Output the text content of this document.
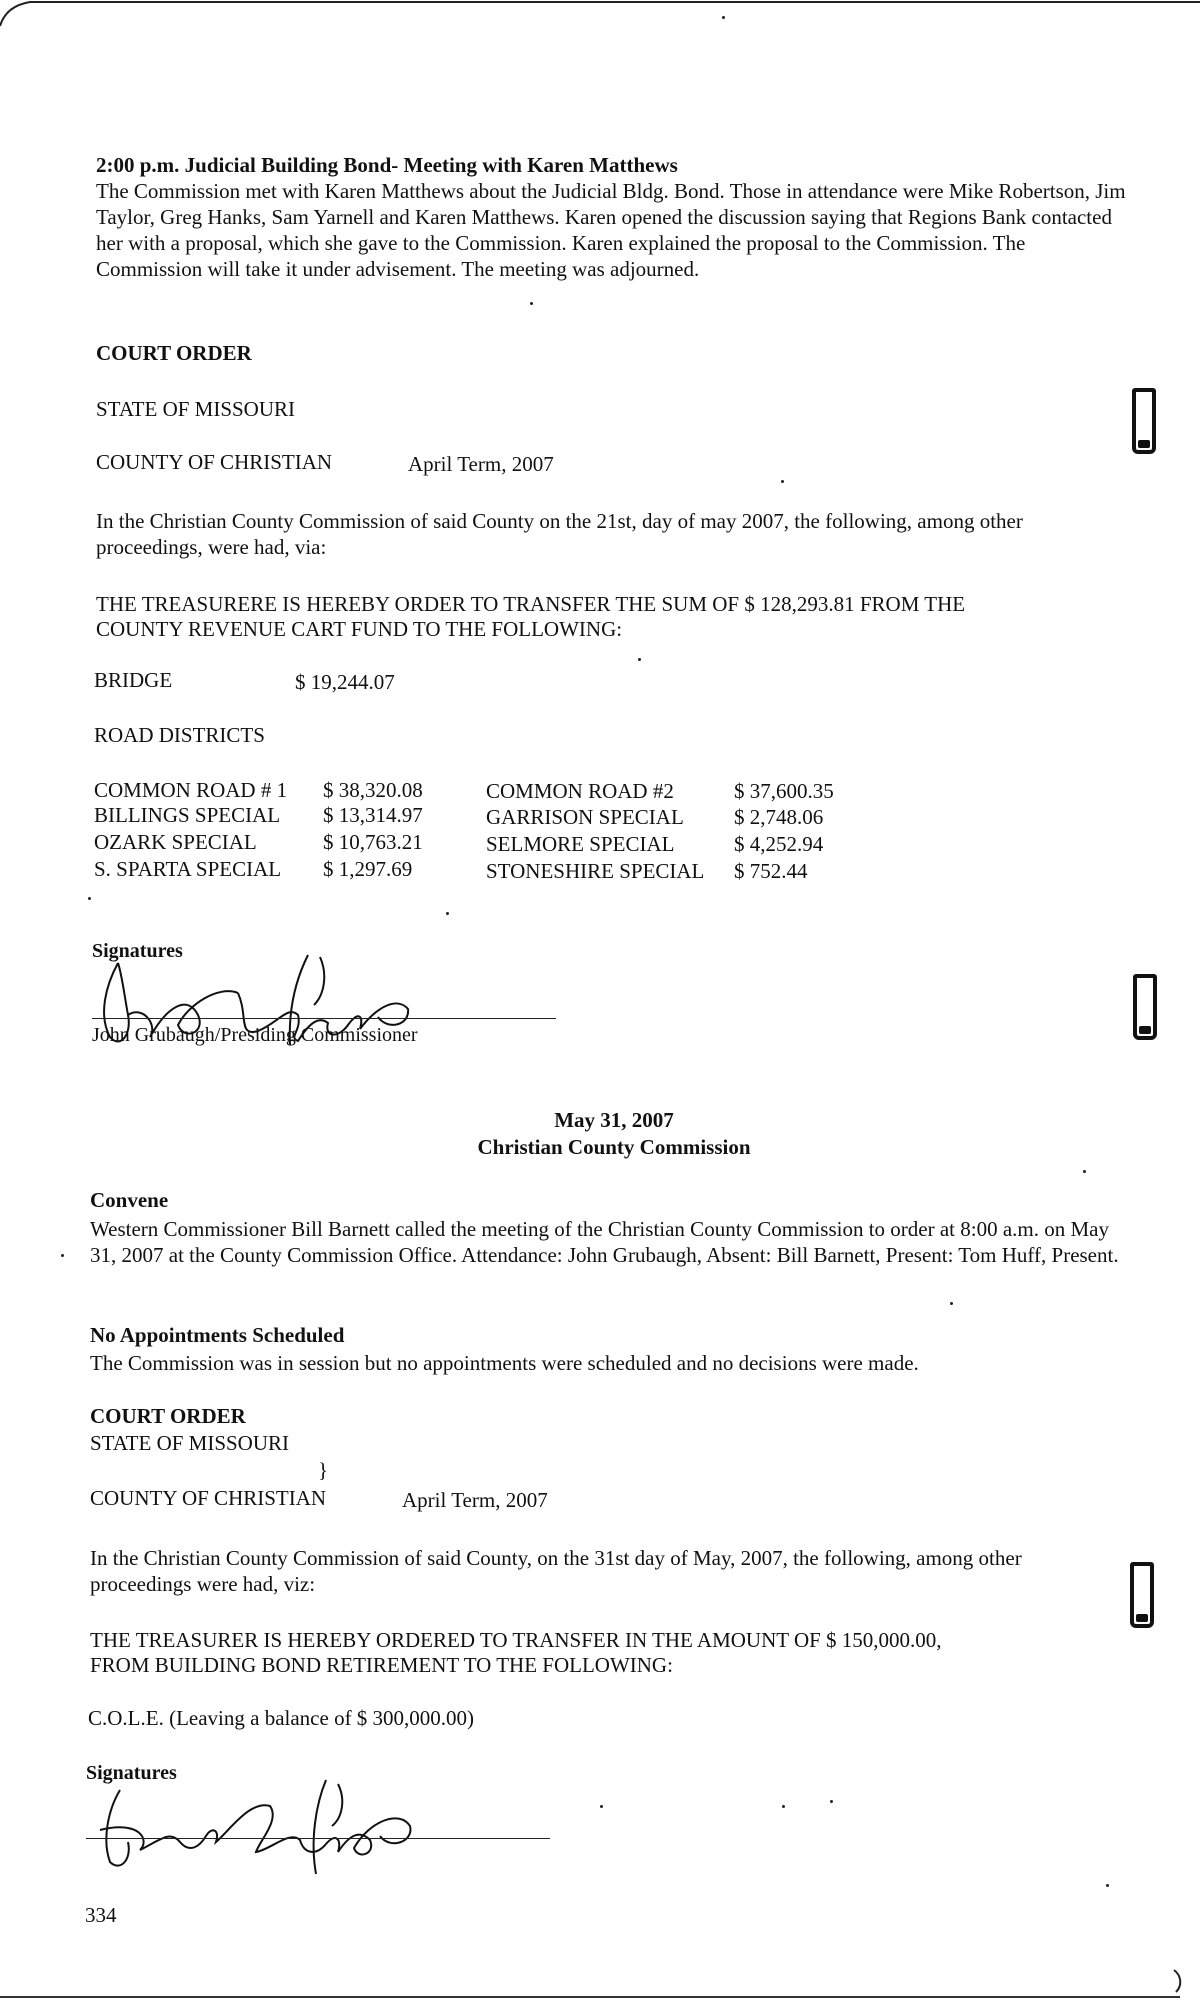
2:00 p.m. Judicial Building Bond- Meeting with Karen Matthews
The Commission met with Karen Matthews about the Judicial Bldg. Bond. Those in attendance were Mike Robertson, Jim Taylor, Greg Hanks, Sam Yarnell and Karen Matthews. Karen opened the discussion saying that Regions Bank contacted her with a proposal, which she gave to the Commission. Karen explained the proposal to the Commission. The Commission will take it under advisement. The meeting was adjourned.
COURT ORDER
STATE OF MISSOURI
COUNTY OF CHRISTIAN	April Term, 2007
In the Christian County Commission of said County on the 21st, day of may 2007, the following, among other proceedings, were had, via:
THE TREASURERE IS HEREBY ORDER TO TRANSFER THE SUM OF $ 128,293.81 FROM THE
COUNTY REVENUE CART FUND TO THE FOLLOWING:
BRIDGE	$ 19,244.07
ROAD DISTRICTS
COMMON ROAD # 1 $ 38,320.08	COMMON ROAD #2	$ 37,600.35
BILLINGS SPECIAL $ 13,314.97	GARRISON SPECIAL $ 2,748.06
OZARK SPECIAL	$ 10,763.21	SELMORE SPECIAL	$ 4,252.94
S. SPARTA SPECIAL $ 1,297.69	STONESHIRE SPECIAL $ 752.44
Signatures
John Grubaugh/Presiding Commissioner
May 31, 2007
Christian County Commission
Convene
Western Commissioner Bill Barnett called the meeting of the Christian County Commission to order at 8:00 a.m. on May 31, 2007 at the County Commission Office. Attendance: John Grubaugh, Absent: Bill Barnett, Present: Tom Huff, Present.
No Appointments Scheduled
The Commission was in session but no appointments were scheduled and no decisions were made.
COURT ORDER
STATE OF MISSOURI
}
COUNTY OF CHRISTIAN	April Term, 2007
In the Christian County Commission of said County, on the 31st day of May, 2007, the following, among other proceedings were had, viz:
THE TREASURER IS HEREBY ORDERED TO TRANSFER IN THE AMOUNT OF $ 150,000.00,
FROM BUILDING BOND RETIREMENT TO THE FOLLOWING:
C.O.L.E. (Leaving a balance of $ 300,000.00)
Signatures
334
